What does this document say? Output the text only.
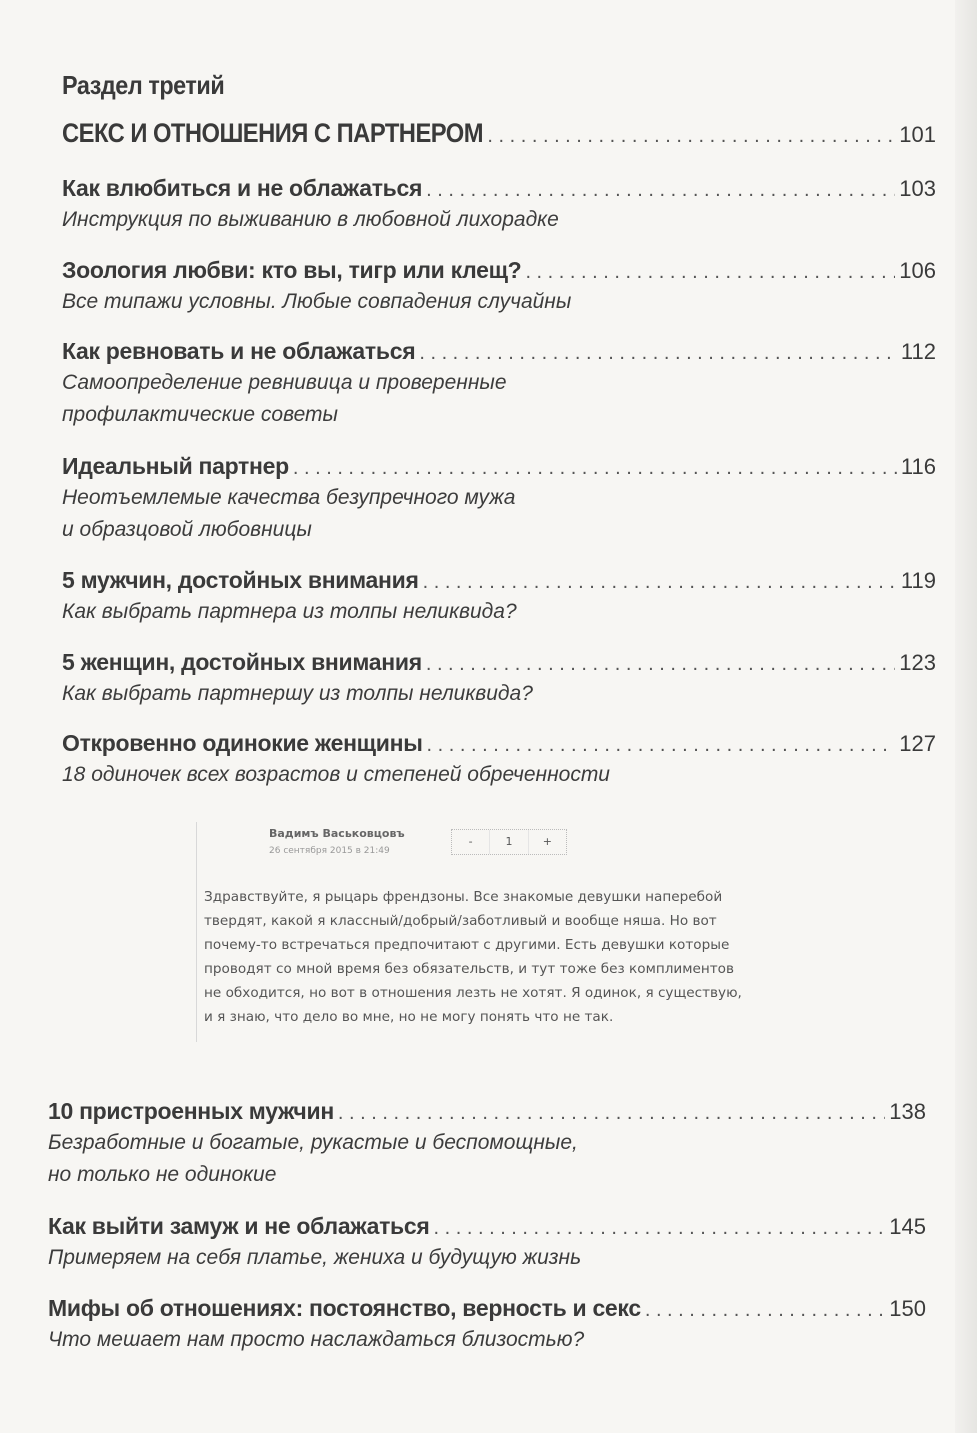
Раздел третий
СЕКС И ОТНОШЕНИЯ С ПАРТНЕРОМ . . .	101
Как влюбиться и не облажаться . . .	103
Инструкция по выживанию в любовной лихорадке
Зоология любви: кто вы, тигр или клещ? . . .	106
Все типажи условны. Любые совпадения случайны
Как ревновать и не облажаться . . .	112
Самоопределение ревнивица и проверенные
профилактические советы
Идеальный партнер . . .	116
Неотъемлемые качества безупречного мужа
и образцовой любовницы
5 мужчин, достойных внимания . . .	119
Как выбрать партнера из толпы неликвида?
5 женщин, достойных внимания . . .	123
Как выбрать партнершу из толпы неликвида?
Откровенно одинокие женщины . . .	127
18 одиночек всех возрастов и степеней обреченности
Вадимъ Васьковцовъ
26 сентября 2015 в 21:49
-	1	+
Здравствуйте, я рыцарь френдзоны. Все знакомые девушки наперебой твердят, какой я классный/добрый/заботливый и вообще няша. Но вот почему-то встречаться предпочитают с другими. Есть девушки которые проводят со мной время без обязательств, и тут тоже без комплиментов не обходится, но вот в отношения лезть не хотят. Я одинок, я существую, и я знаю, что дело во мне, но не могу понять что не так.
10 пристроенных мужчин . . .	138
Безработные и богатые, рукастые и беспомощные,
но только не одинокие
Как выйти замуж и не облажаться . . .	145
Примеряем на себя платье, жениха и будущую жизнь
Мифы об отношениях: постоянство, верность и секс . . .	150
Что мешает нам просто наслаждаться близостью?
